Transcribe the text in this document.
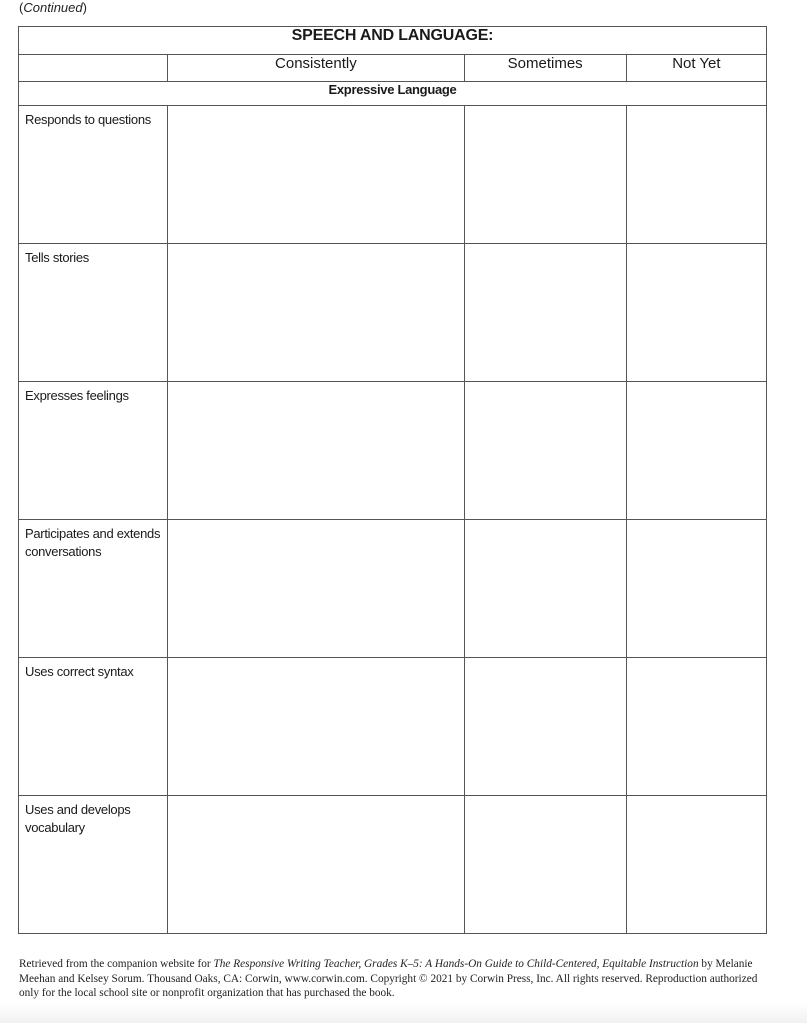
(Continued)
SPEECH AND LANGUAGE:			
	Consistently	Sometimes	Not Yet
Expressive Language			
Responds to questions			
Tells stories			
Expresses feelings			
Participates and extends conversations			
Uses correct syntax			
Uses and develops vocabulary			
Retrieved from the companion website for The Responsive Writing Teacher, Grades K–5: A Hands-On Guide to Child-Centered, Equitable Instruction by Melanie Meehan and Kelsey Sorum. Thousand Oaks, CA: Corwin, www.corwin.com. Copyright © 2021 by Corwin Press, Inc. All rights reserved. Reproduction authorized only for the local school site or nonprofit organization that has purchased the book.
